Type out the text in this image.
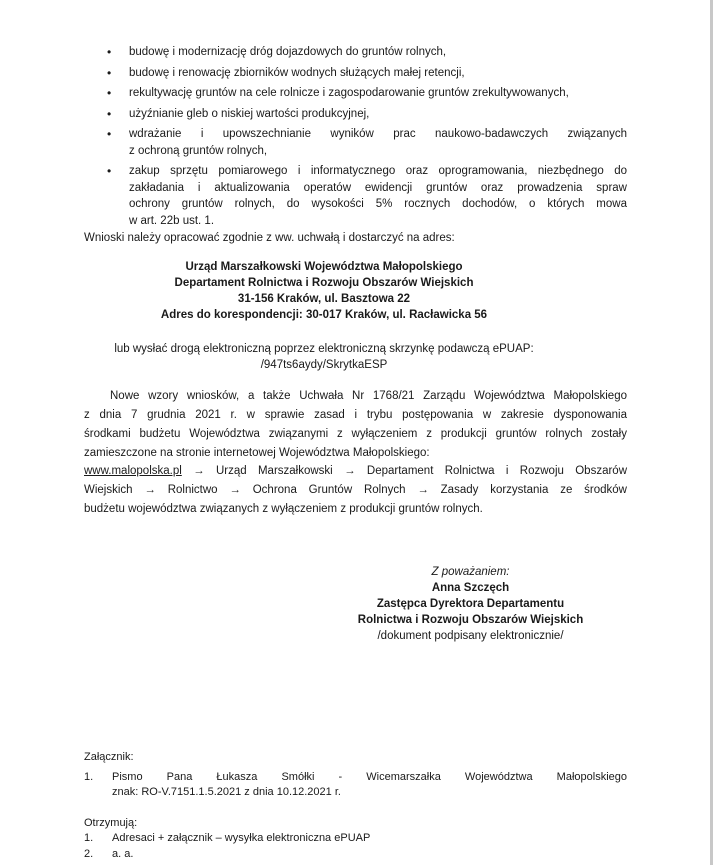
• budowę i modernizację dróg dojazdowych do gruntów rolnych,
• budowę i renowację zbiorników wodnych służących małej retencji,
• rekultywację gruntów na cele rolnicze i zagospodarowanie gruntów zrekultywowanych,
• użyźnianie gleb o niskiej wartości produkcyjnej,
• wdrażanie i upowszechnianie wyników prac naukowo-badawczych związanych
z ochroną gruntów rolnych,
• zakup sprzętu pomiarowego i informatycznego oraz oprogramowania, niezbędnego do
zakładania i aktualizowania operatów ewidencji gruntów oraz prowadzenia spraw
ochrony gruntów rolnych, do wysokości 5% rocznych dochodów, o których mowa
w art. 22b ust. 1.
Wnioski należy opracować zgodnie z ww. uchwałą i dostarczyć na adres:
Urząd Marszałkowski Województwa Małopolskiego
Departament Rolnictwa i Rozwoju Obszarów Wiejskich
31-156 Kraków, ul. Basztowa 22
Adres do korespondencji: 30-017 Kraków, ul. Racławicka 56
lub wysłać drogą elektroniczną poprzez elektroniczną skrzynkę podawczą ePUAP:
/947ts6aydy/SkrytkaESP
Nowe wzory wniosków, a także Uchwała Nr 1768/21 Zarządu Województwa Małopolskiego
z dnia 7 grudnia 2021 r. w sprawie zasad i trybu postępowania w zakresie dysponowania
środkami budżetu Województwa związanymi z wyłączeniem z produkcji gruntów rolnych zostały
zamieszczone na stronie internetowej Województwa Małopolskiego:
www.malopolska.pl → Urząd Marszałkowski → Departament Rolnictwa i Rozwoju Obszarów
Wiejskich → Rolnictwo → Ochrona Gruntów Rolnych → Zasady korzystania ze środków
budżetu województwa związanych z wyłączeniem z produkcji gruntów rolnych.
Z poważaniem:
Anna Szczęch
Zastępca Dyrektora Departamentu
Rolnictwa i Rozwoju Obszarów Wiejskich
/dokument podpisany elektronicznie/
Załącznik:
1. Pismo Pana Łukasza Smółki - Wicemarszałka Województwa Małopolskiego
znak: RO-V.7151.1.5.2021 z dnia 10.12.2021 r.
Otrzymują:
1. Adresaci + załącznik – wysyłka elektroniczna ePUAP
2. a. a.
